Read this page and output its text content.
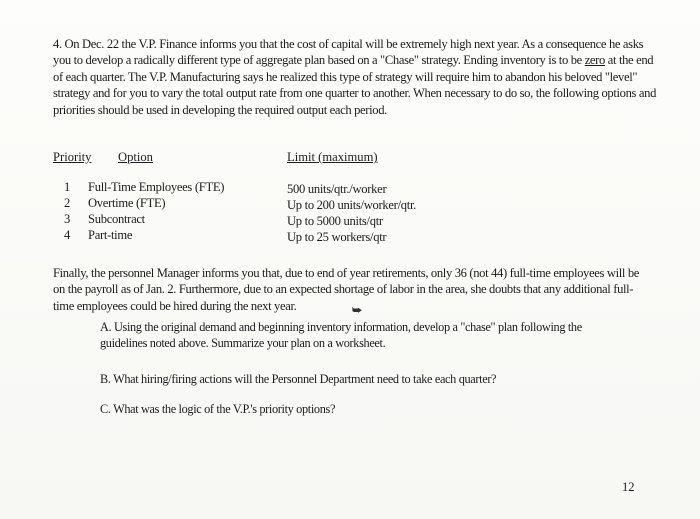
4. On Dec. 22 the V.P. Finance informs you that the cost of capital will be extremely high next year. As a consequence he asks you to develop a radically different type of aggregate plan based on a "Chase" strategy. Ending inventory is to be zero at the end of each quarter. The V.P. Manufacturing says he realized this type of strategy will require him to abandon his beloved "level" strategy and for you to vary the total output rate from one quarter to another. When necessary to do so, the following options and priorities should be used in developing the required output each period.
Priority Option	Limit (maximum)
1 Full-Time Employees (FTE)	500 units/qtr./worker
2 Overtime (FTE)	Up to 200 units/worker/qtr.
3 Subcontract	Up to 5000 units/qtr
4 Part-time	Up to 25 workers/qtr
Finally, the personnel Manager informs you that, due to end of year retirements, only 36 (not 44) full-time employees will be on the payroll as of Jan. 2. Furthermore, due to an expected shortage of labor in the area, she doubts that any additional full-time employees could be hired during the next year.	⮩
A. Using the original demand and beginning inventory information, develop a "chase" plan following the guidelines noted above. Summarize your plan on a worksheet.
B. What hiring/firing actions will the Personnel Department need to take each quarter?
C. What was the logic of the V.P.'s priority options?
12
